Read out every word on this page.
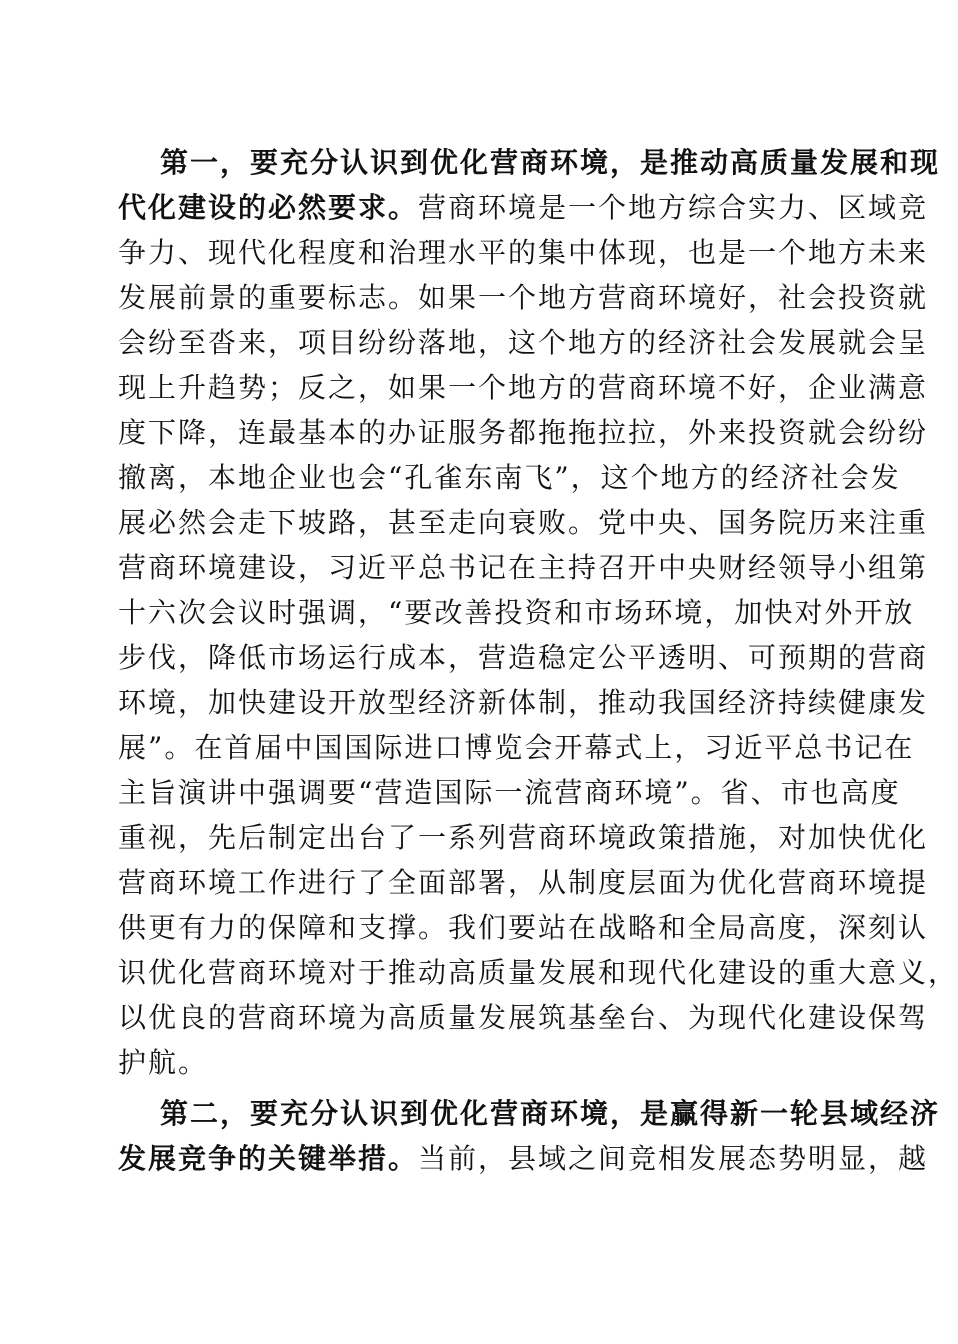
第一，要充分认识到优化营商环境，是推动高质量发展和现
代化建设的必然要求。营商环境是一个地方综合实力、区域竞
争力、现代化程度和治理水平的集中体现，也是一个地方未来
发展前景的重要标志。如果一个地方营商环境好，社会投资就
会纷至沓来，项目纷纷落地，这个地方的经济社会发展就会呈
现上升趋势；反之，如果一个地方的营商环境不好，企业满意
度下降，连最基本的办证服务都拖拖拉拉，外来投资就会纷纷
撤离，本地企业也会“孔雀东南飞”，这个地方的经济社会发
展必然会走下坡路，甚至走向衰败。党中央、国务院历来注重
营商环境建设，习近平总书记在主持召开中央财经领导小组第
十六次会议时强调，“要改善投资和市场环境，加快对外开放
步伐，降低市场运行成本，营造稳定公平透明、可预期的营商
环境，加快建设开放型经济新体制，推动我国经济持续健康发
展”。在首届中国国际进口博览会开幕式上，习近平总书记在
主旨演讲中强调要“营造国际一流营商环境”。省、市也高度
重视，先后制定出台了一系列营商环境政策措施，对加快优化
营商环境工作进行了全面部署，从制度层面为优化营商环境提
供更有力的保障和支撑。我们要站在战略和全局高度，深刻认
识优化营商环境对于推动高质量发展和现代化建设的重大意义，
以优良的营商环境为高质量发展筑基垒台、为现代化建设保驾
护航。

第二，要充分认识到优化营商环境，是赢得新一轮县域经济
发展竞争的关键举措。当前，县域之间竞相发展态势明显，越
